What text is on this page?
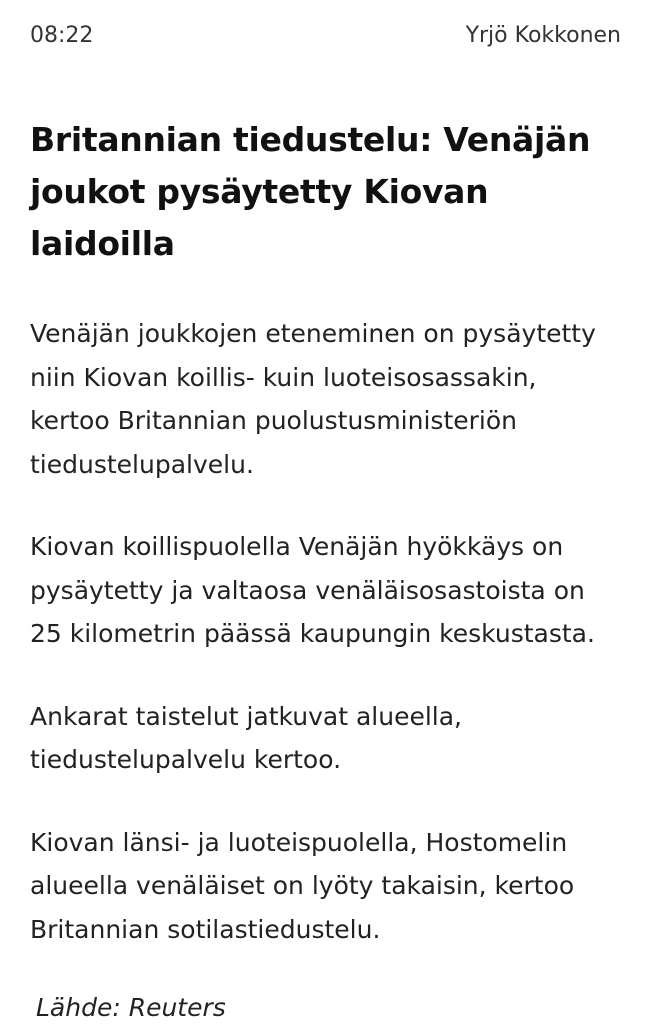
08:22	Yrjö Kokkonen
Britannian tiedustelu: Venäjän joukot pysäytetty Kiovan laidoilla

Venäjän joukkojen eteneminen on pysäytetty niin Kiovan koillis- kuin luoteisosassakin, kertoo Britannian puolustusministeriön tiedustelupalvelu.

Kiovan koillispuolella Venäjän hyökkäys on pysäytetty ja valtaosa venäläisosastoista on 25 kilometrin päässä kaupungin keskustasta.

Ankarat taistelut jatkuvat alueella, tiedustelupalvelu kertoo.

Kiovan länsi- ja luoteispuolella, Hostomelin alueella venäläiset on lyöty takaisin, kertoo Britannian sotilastiedustelu.

Lähde: Reuters
